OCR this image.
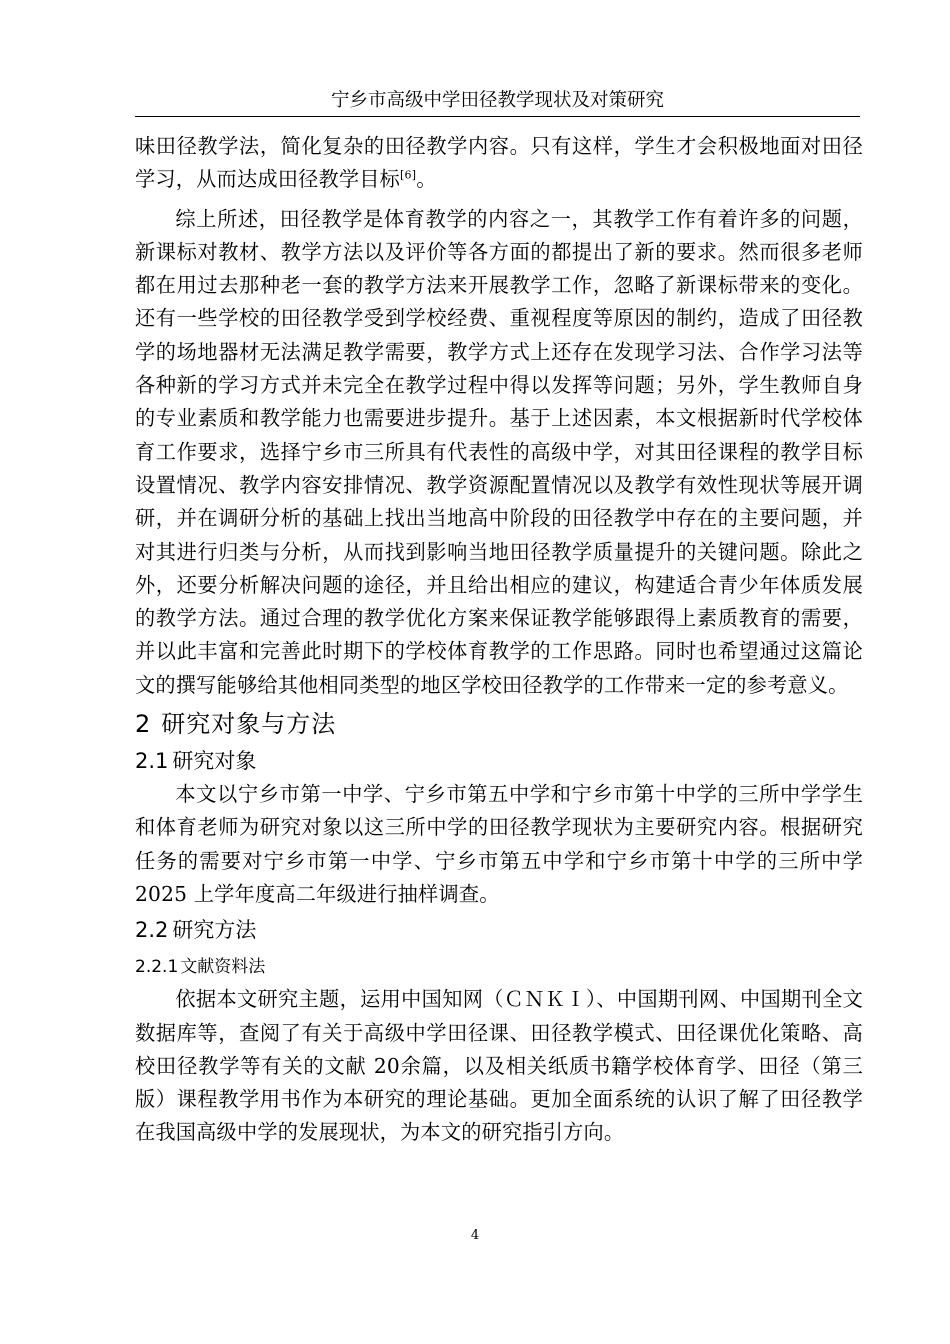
宁乡市高级中学田径教学现状及对策研究

味田径教学法，简化复杂的田径教学内容。只有这样，学生才会积极地面对田径学习，从而达成田径教学目标[6]。

综上所述，田径教学是体育教学的内容之一，其教学工作有着许多的问题，新课标对教材、教学方法以及评价等各方面的都提出了新的要求。然而很多老师都在用过去那种老一套的教学方法来开展教学工作，忽略了新课标带来的变化。还有一些学校的田径教学受到学校经费、重视程度等原因的制约，造成了田径教学的场地器材无法满足教学需要，教学方式上还存在发现学习法、合作学习法等各种新的学习方式并未完全在教学过程中得以发挥等问题；另外，学生教师自身的专业素质和教学能力也需要进步提升。基于上述因素，本文根据新时代学校体育工作要求，选择宁乡市三所具有代表性的高级中学，对其田径课程的教学目标设置情况、教学内容安排情况、教学资源配置情况以及教学有效性现状等展开调研，并在调研分析的基础上找出当地高中阶段的田径教学中存在的主要问题，并对其进行归类与分析，从而找到影响当地田径教学质量提升的关键问题。除此之外，还要分析解决问题的途径，并且给出相应的建议，构建适合青少年体质发展的教学方法。通过合理的教学优化方案来保证教学能够跟得上素质教育的需要，并以此丰富和完善此时期下的学校体育教学的工作思路。同时也希望通过这篇论文的撰写能够给其他相同类型的地区学校田径教学的工作带来一定的参考意义。

2 研究对象与方法
2.1 研究对象

本文以宁乡市第一中学、宁乡市第五中学和宁乡市第十中学的三所中学学生和体育老师为研究对象以这三所中学的田径教学现状为主要研究内容。根据研究任务的需要对宁乡市第一中学、宁乡市第五中学和宁乡市第十中学的三所中学 2025 上学年度高二年级进行抽样调查。

2.2 研究方法
2.2.1 文献资料法

依据本文研究主题，运用中国知网（ＣＮＫＩ）、中国期刊网、中国期刊全文数据库等，查阅了有关于高级中学田径课、田径教学模式、田径课优化策略、高校田径教学等有关的文献 20余篇，以及相关纸质书籍学校体育学、田径（第三版）课程教学用书作为本研究的理论基础。更加全面系统的认识了解了田径教学在我国高级中学的发展现状，为本文的研究指引方向。

4
